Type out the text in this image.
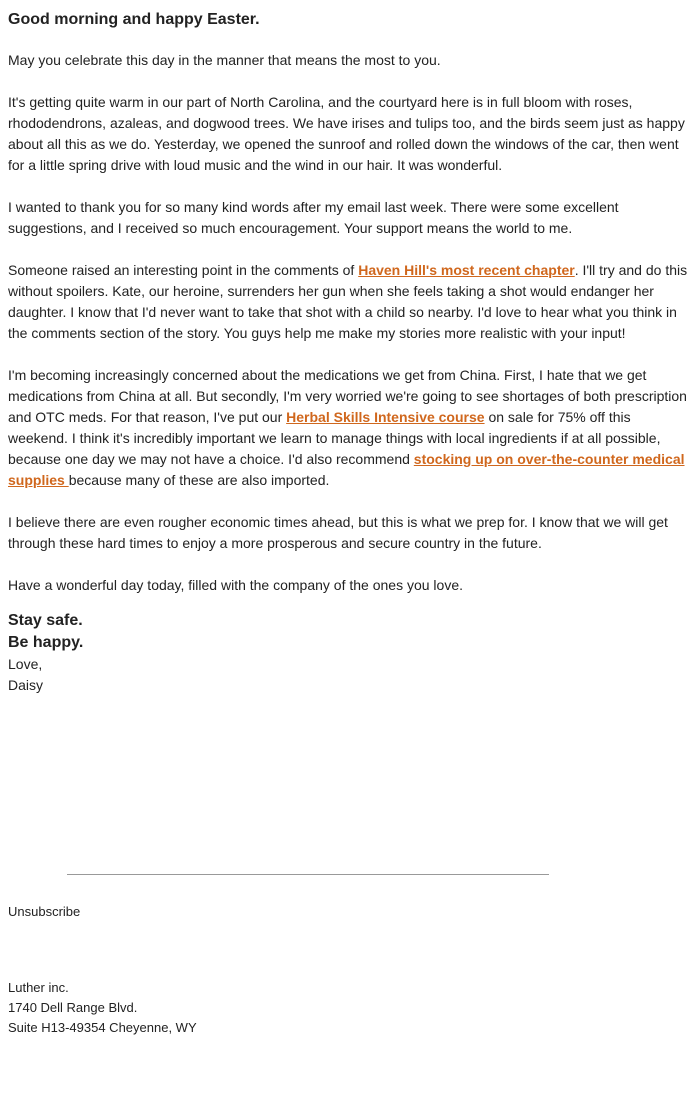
Good morning and happy Easter.

May you celebrate this day in the manner that means the most to you.

It's getting quite warm in our part of North Carolina, and the courtyard here is in full bloom with roses, rhododendrons, azaleas, and dogwood trees. We have irises and tulips too, and the birds seem just as happy about all this as we do. Yesterday, we opened the sunroof and rolled down the windows of the car, then went for a little spring drive with loud music and the wind in our hair. It was wonderful.

I wanted to thank you for so many kind words after my email last week. There were some excellent suggestions, and I received so much encouragement. Your support means the world to me.

Someone raised an interesting point in the comments of Haven Hill's most recent chapter. I'll try and do this without spoilers. Kate, our heroine, surrenders her gun when she feels taking a shot would endanger her daughter. I know that I'd never want to take that shot with a child so nearby. I'd love to hear what you think in the comments section of the story. You guys help me make my stories more realistic with your input!

I'm becoming increasingly concerned about the medications we get from China. First, I hate that we get medications from China at all. But secondly, I'm very worried we're going to see shortages of both prescription and OTC meds. For that reason, I've put our Herbal Skills Intensive course on sale for 75% off this weekend. I think it's incredibly important we learn to manage things with local ingredients if at all possible, because one day we may not have a choice. I'd also recommend stocking up on over-the-counter medical supplies because many of these are also imported.

I believe there are even rougher economic times ahead, but this is what we prep for. I know that we will get through these hard times to enjoy a more prosperous and secure country in the future.

Have a wonderful day today, filled with the company of the ones you love.

Stay safe.
Be happy.
Love,
Daisy
Unsubscribe
Luther inc.
1740 Dell Range Blvd.
Suite H13-49354 Cheyenne, WY
